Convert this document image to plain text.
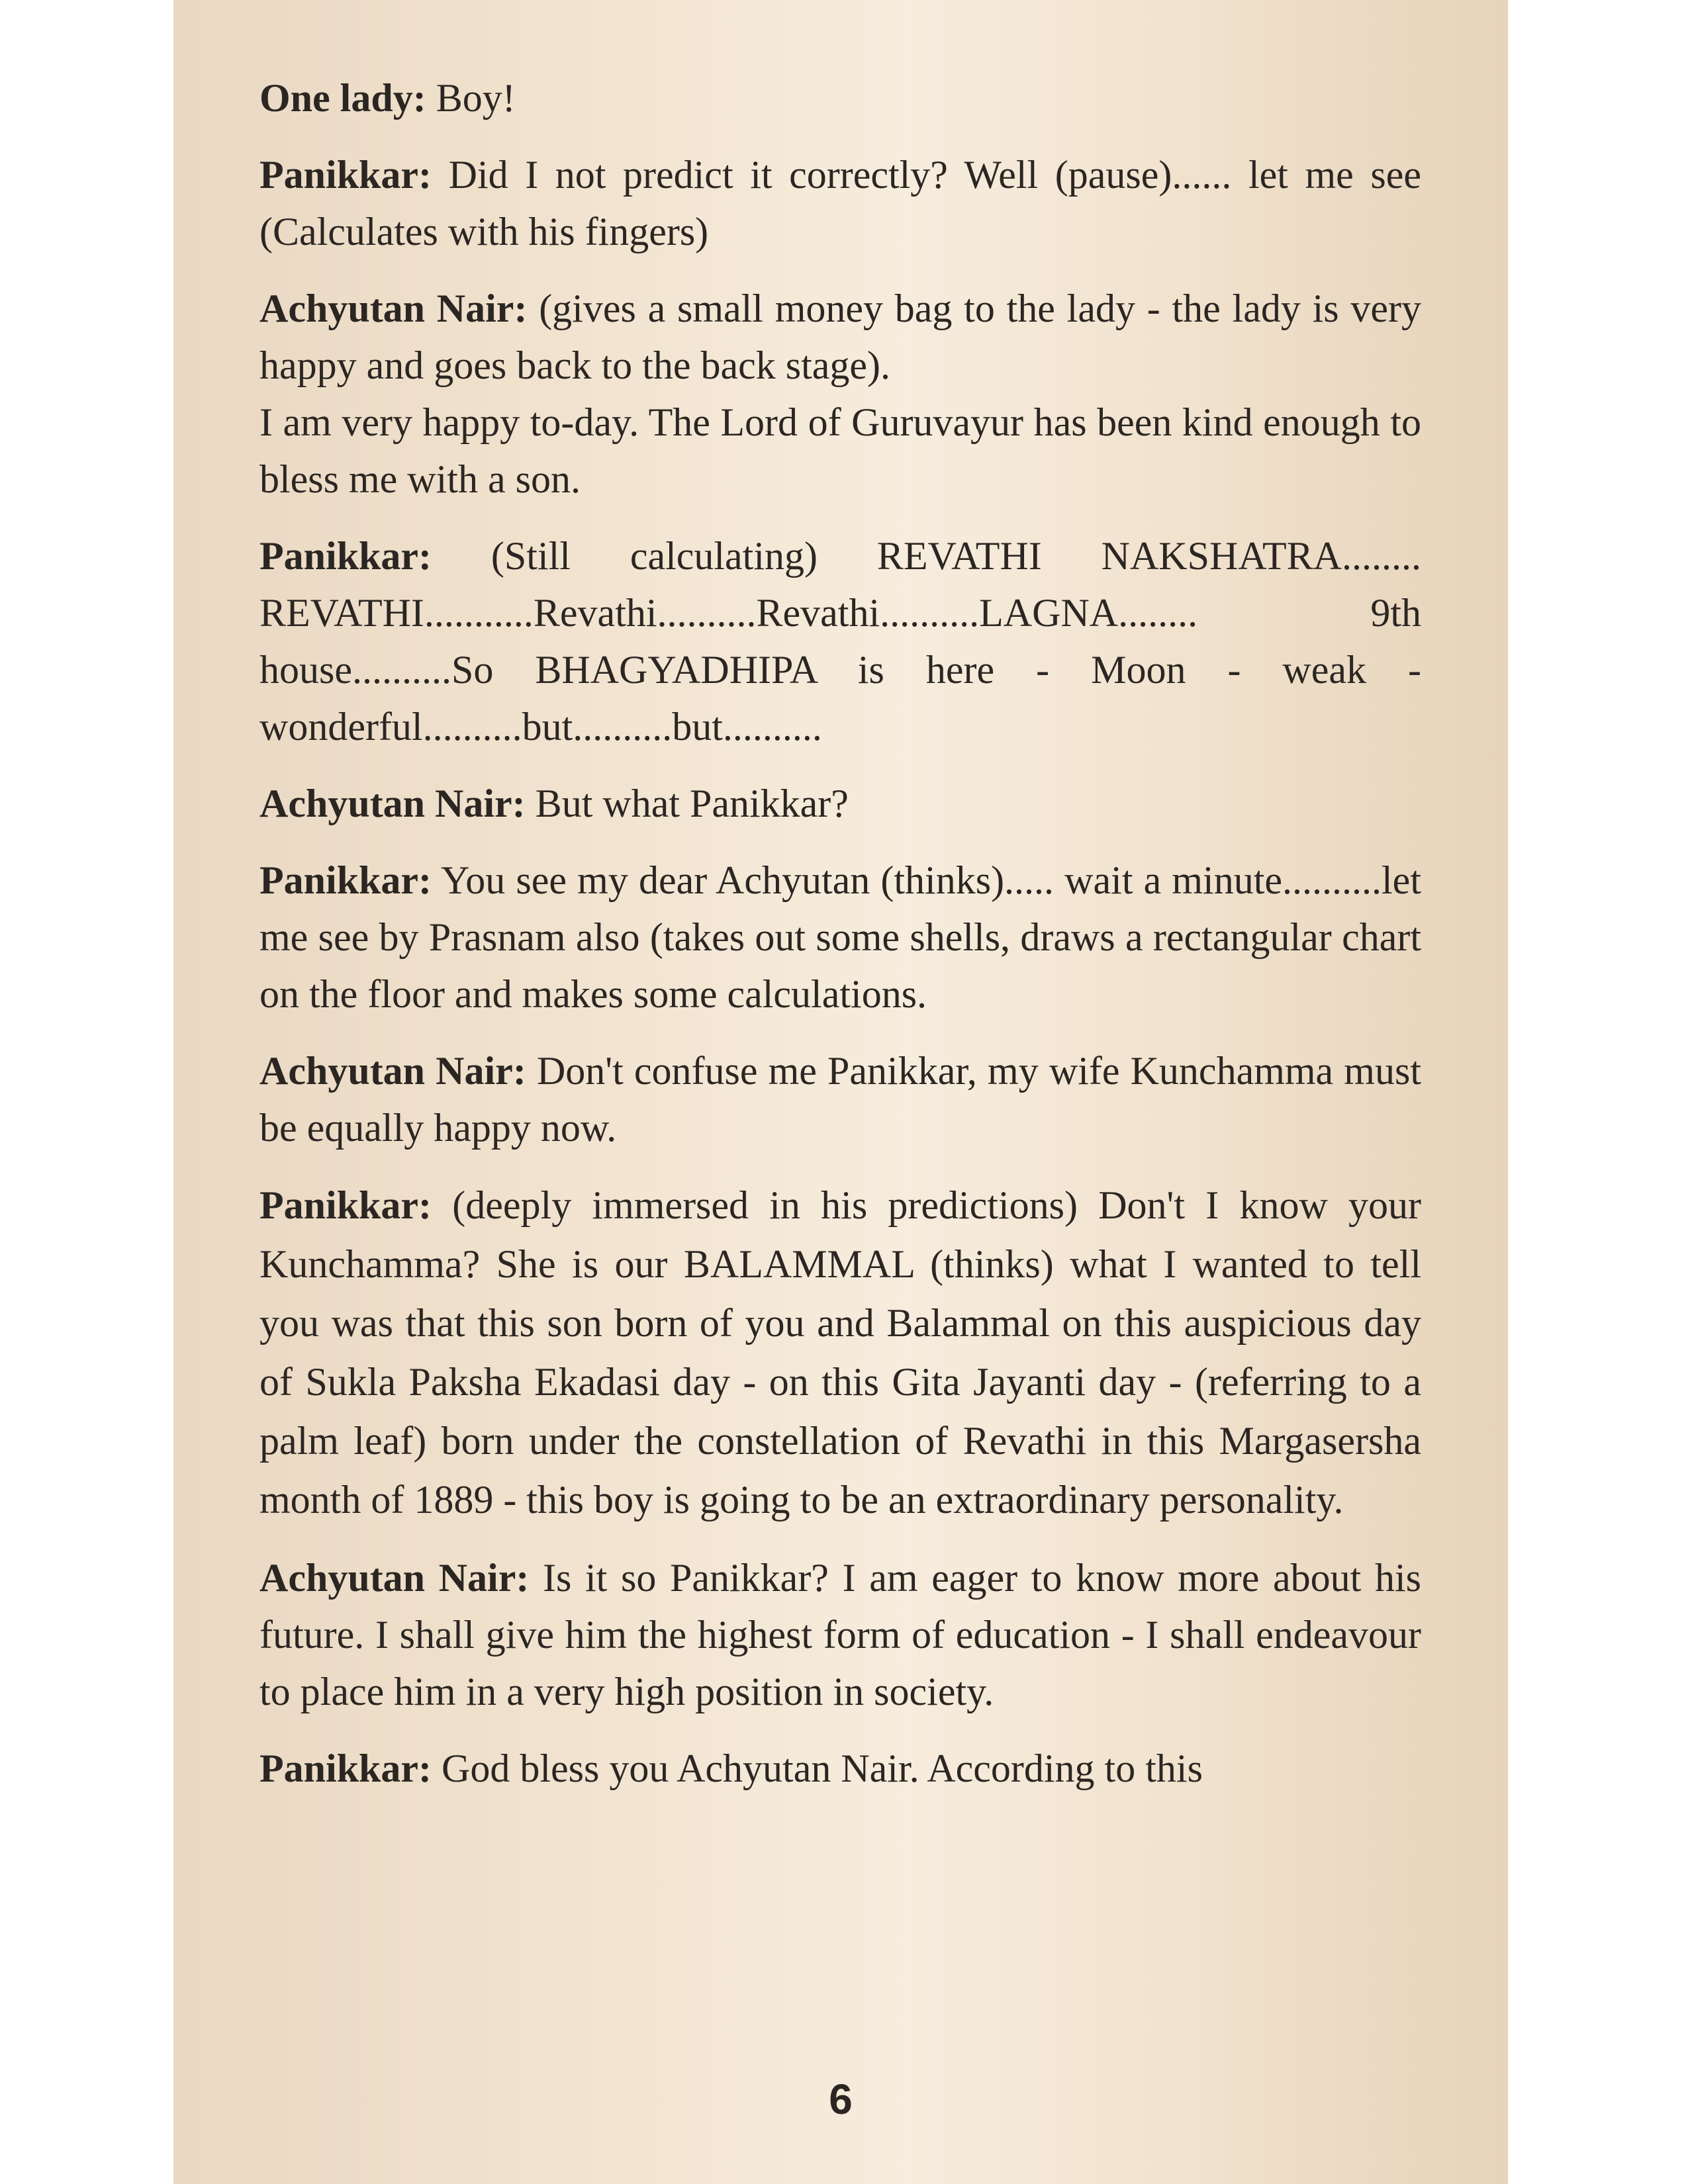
One lady: Boy!

Panikkar: Did I not predict it correctly? Well (pause)...... let me see (Calculates with his fingers)

Achyutan Nair: (gives a small money bag to the lady - the lady is very happy and goes back to the back stage).
I am very happy to-day. The Lord of Guruvayur has been kind enough to bless me with a son.

Panikkar: (Still calculating) REVATHI NAKSHATRA........ REVATHI...........Revathi..........Revathi..........LAGNA........ 9th house..........So BHAGYADHIPA is here - Moon - weak - wonderful..........but..........but..........

Achyutan Nair: But what Panikkar?

Panikkar: You see my dear Achyutan (thinks)..... wait a minute..........let me see by Prasnam also (takes out some shells, draws a rectangular chart on the floor and makes some calculations.

Achyutan Nair: Don't confuse me Panikkar, my wife Kunchamma must be equally happy now.

Panikkar: (deeply immersed in his predictions) Don't I know your Kunchamma? She is our BALAMMAL (thinks) what I wanted to tell you was that this son born of you and Balammal on this auspicious day of Sukla Paksha Ekadasi day - on this Gita Jayanti day - (referring to a palm leaf) born under the constellation of Revathi in this Margasersha month of 1889 - this boy is going to be an extraordinary personality.

Achyutan Nair: Is it so Panikkar? I am eager to know more about his future. I shall give him the highest form of education - I shall endeavour to place him in a very high position in society.

Panikkar: God bless you Achyutan Nair. According to this

6
